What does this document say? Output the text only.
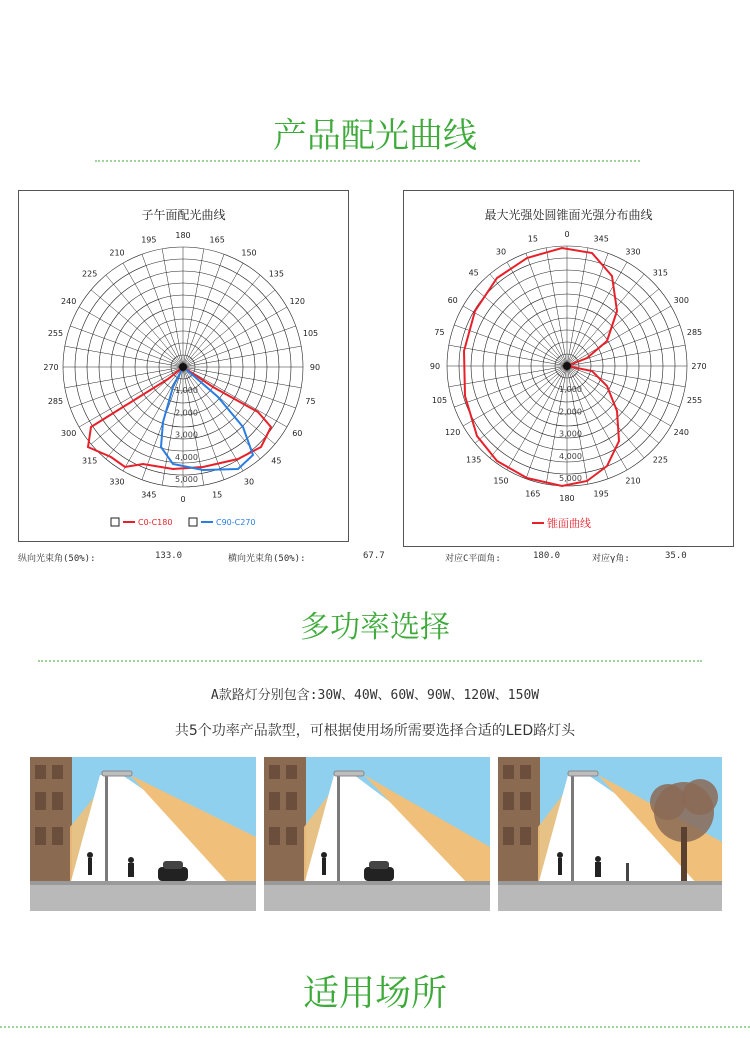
产品配光曲线
子午面配光曲线
180 165
150
135
120
105
90
75
60
45
30
15
0
345
330
315
300
285
270
255
240
225
210
195
1,000
2,000
3,000
4,000
5,000
C0-C180	C90-C270
纵向光束角(50%):	133.0	横向光束角(50%):	67.7
最大光强处圆锥面光强分布曲线
0	345
330
315
300
285
270
255
240
225
210
195
180
165
150
135
120
105
90
75
60
45
30
15
1,000
2,000
3,000
4,000
5,000
锥面曲线
对应C平面角:	180.0	对应γ角:	35.0
多功率选择
A款路灯分别包含:30W、40W、60W、90W、120W、150W
共5个功率产品款型，可根据使用场所需要选择合适的LED路灯头
适用场所
